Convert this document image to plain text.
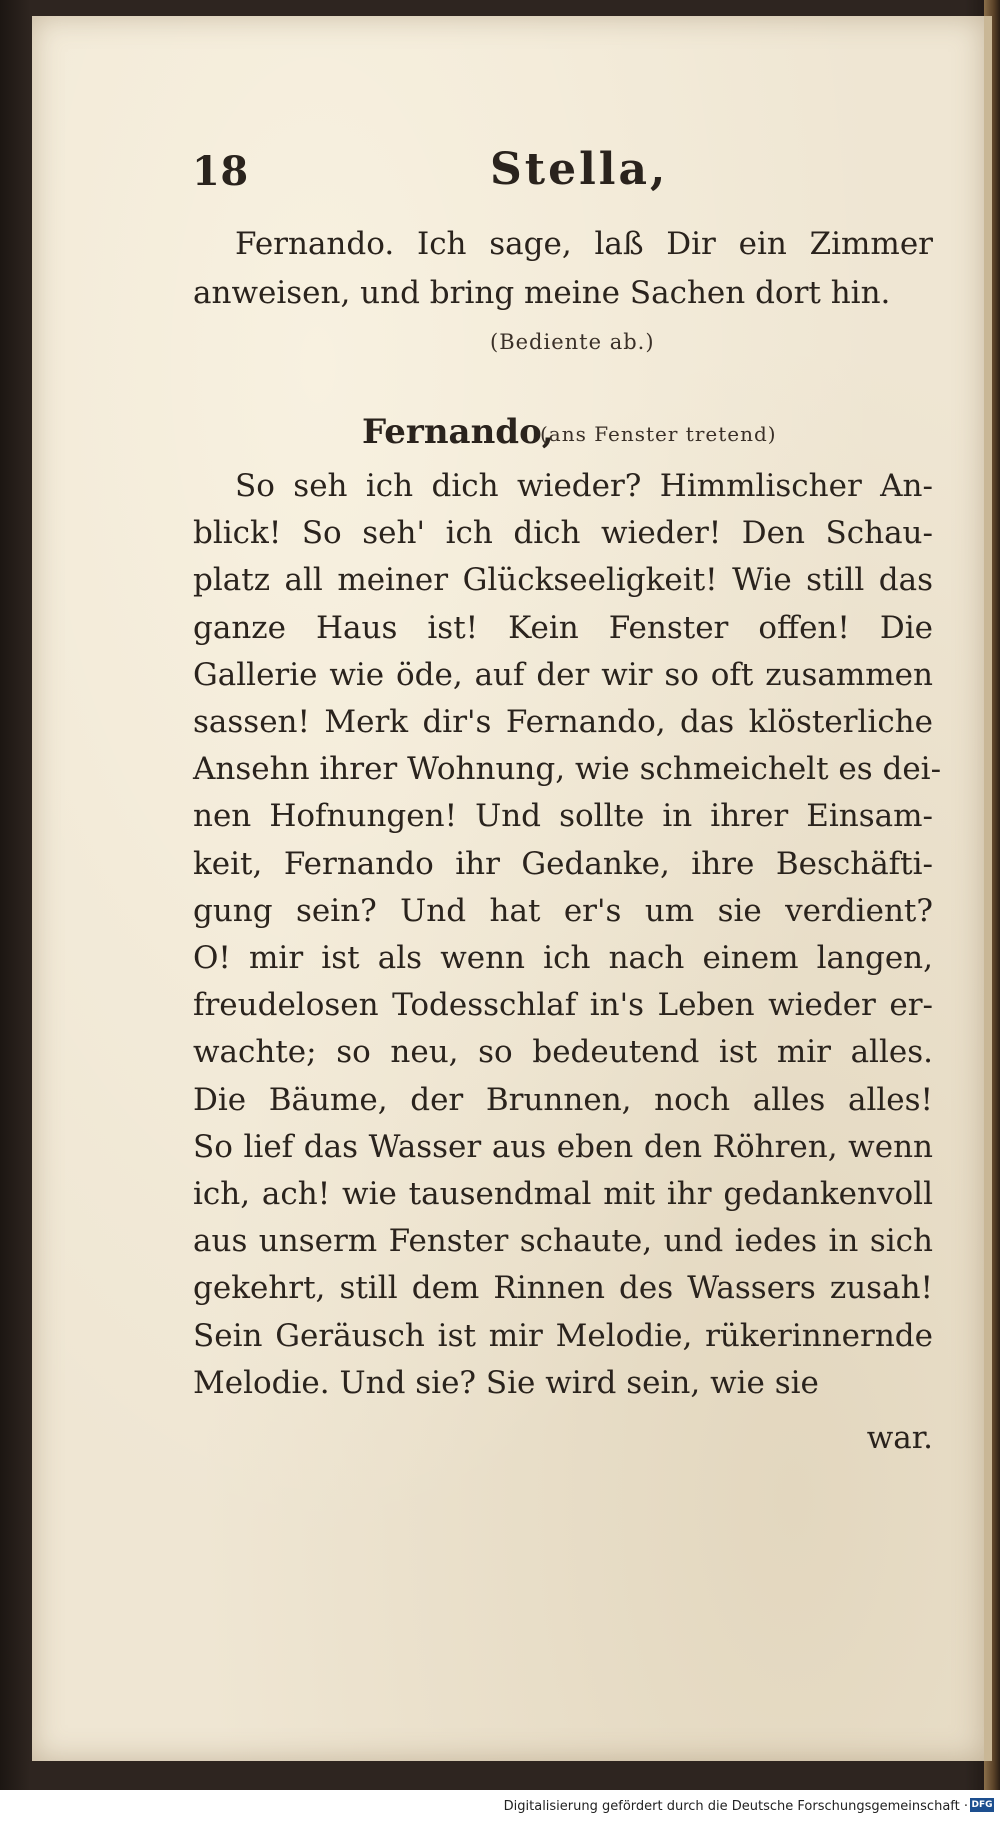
18	Stella,
Fernando. Ich sage, laß Dir ein Zimmer
anweisen, und bring meine Sachen dort hin.
(Bediente ab.)
Fernando,
(ans Fenster tretend)
So seh ich dich wieder? Himmlischer An-
blick! So seh' ich dich wieder! Den Schau-
platz all meiner Glückseeligkeit! Wie still das
ganze Haus ist! Kein Fenster offen! Die
Gallerie wie öde, auf der wir so oft zusammen
sassen! Merk dir's Fernando, das klösterliche
Ansehn ihrer Wohnung, wie schmeichelt es dei-
nen Hofnungen! Und sollte in ihrer Einsam-
keit, Fernando ihr Gedanke, ihre Beschäfti-
gung sein? Und hat er's um sie verdient?
O! mir ist als wenn ich nach einem langen,
freudelosen Todesschlaf in's Leben wieder er-
wachte; so neu, so bedeutend ist mir alles.
Die Bäume, der Brunnen, noch alles alles!
So lief das Wasser aus eben den Röhren, wenn
ich, ach! wie tausendmal mit ihr gedankenvoll
aus unserm Fenster schaute, und iedes in sich
gekehrt, still dem Rinnen des Wassers zusah!
Sein Geräusch ist mir Melodie, rükerinnernde
Melodie. Und sie? Sie wird sein, wie sie
war.
Digitalisierung gefördert durch die Deutsche Forschungsgemeinschaft · DFG
